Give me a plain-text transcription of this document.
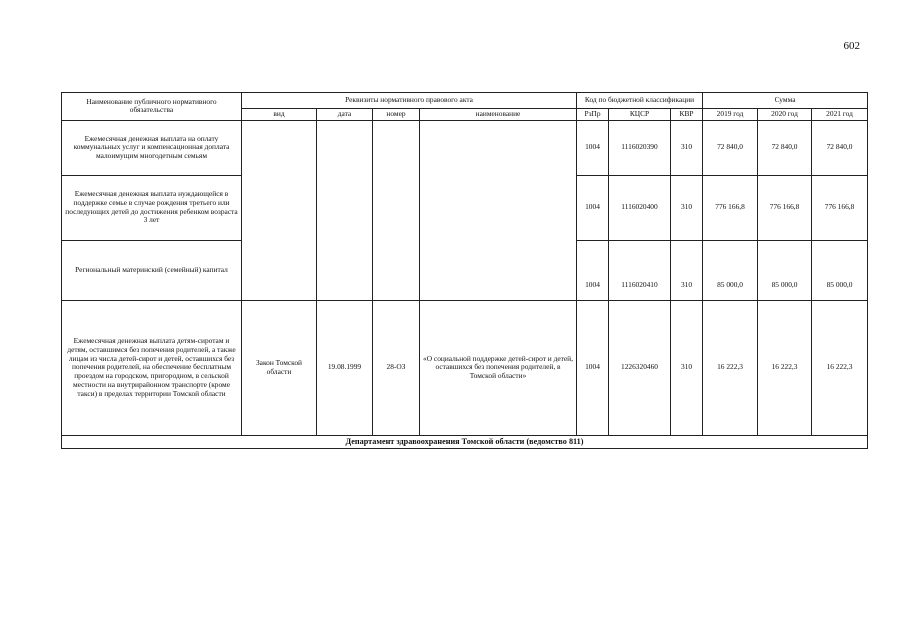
602
Наименование публичного нормативного обязательства	Реквизиты нормативного правового акта				Код по бюджетной классификации			Сумма		
	вид	дата	номер	наименование	РзПр	КЦСР	КВР	2019 год	2020 год	2021 год
Ежемесячная денежная выплата на оплату коммунальных услуг и компенсационная доплата малоимущим многодетным семьям					1004	1116020390	310	72 840,0	72 840,0	72 840,0
Ежемесячная денежная выплата нуждающейся в поддержке семье в случае рождения третьего или последующих детей до достижения ребенком возраста 3 лет					1004	1116020400	310	776 166,8	776 166,8	776 166,8
Региональный материнский (семейный) капитал					1004	1116020410	310	85 000,0	85 000,0	85 000,0
Ежемесячная денежная выплата детям-сиротам и детям, оставшимся без попечения родителей, а также лицам из числа детей-сирот и детей, оставшихся без попечения родителей, на обеспечение бесплатным проездом на городском, пригородном, в сельской местности на внутрирайонном транспорте (кроме такси) в пределах территории Томской области	Закон Томской области	19.08.1999	28-ОЗ	«О социальной поддержке детей-сирот и детей, оставшихся без попечения родителей, в Томской области»	1004	1226320460	310	16 222,3	16 222,3	16 222,3
Департамент здравоохранения Томской области (ведомство 811)										
